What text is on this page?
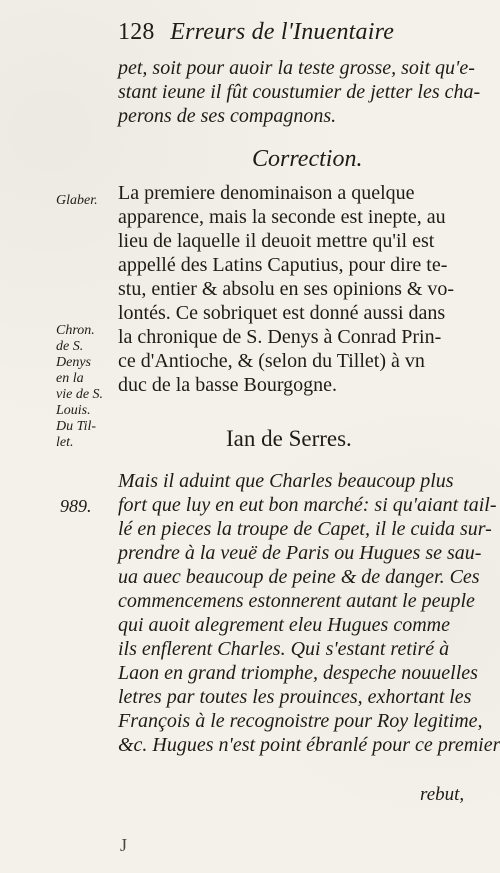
128 Erreurs de l'Inuentaire
pet, soit pour auoir la teste grosse, soit qu'e-
stant ieune il fût coustumier de jetter les cha-
perons de ses compagnons.
Correction.
Glaber.
Chron.
de S.
Denys
en la
vie de S.
Louis.
Du Til-
let.
La premiere denominaison a quelque
apparence, mais la seconde est inepte, au
lieu de laquelle il deuoit mettre qu'il est
appellé des Latins Caputius, pour dire te-
stu, entier & absolu en ses opinions & vo-
lontés. Ce sobriquet est donné aussi dans
la chronique de S. Denys à Conrad Prin-
ce d'Antioche, & (selon du Tillet) à vn
duc de la basse Bourgogne.
Ian de Serres.
989.
Mais il aduint que Charles beaucoup plus
fort que luy en eut bon marché: si qu'aiant tail-
lé en pieces la troupe de Capet, il le cuida sur-
prendre à la veuë de Paris ou Hugues se sau-
ua auec beaucoup de peine & de danger. Ces
commencemens estonnerent autant le peuple
qui auoit alegrement eleu Hugues comme
ils enflerent Charles. Qui s'estant retiré à
Laon en grand triomphe, despeche nouuelles
letres par toutes les prouinces, exhortant les
François à le recognoistre pour Roy legitime,
&c. Hugues n'est point ébranlé pour ce premier
rebut,
J
